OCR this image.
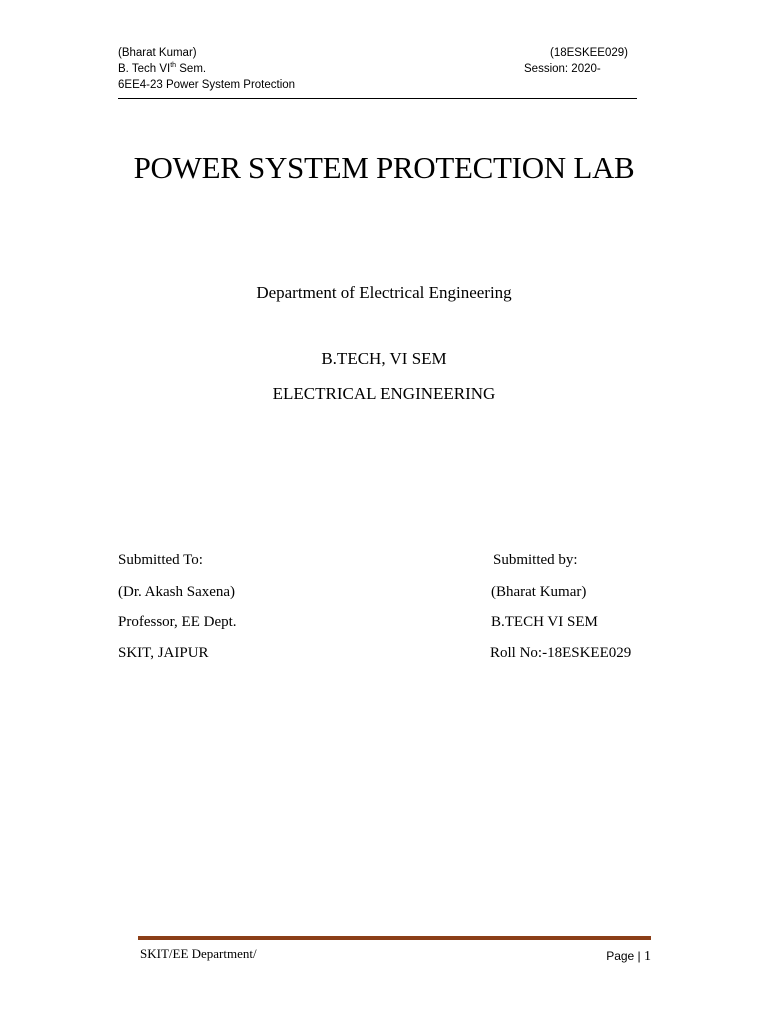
(Bharat Kumar)	(18ESKEE029)
B. Tech VIth Sem.	Session: 2020-
6EE4-23 Power System Protection
POWER SYSTEM PROTECTION LAB
Department of Electrical Engineering
B.TECH, VI SEM
ELECTRICAL ENGINEERING
Submitted To:
(Dr. Akash Saxena)
Professor, EE Dept.
SKIT, JAIPUR
Submitted by:
(Bharat Kumar)
B.TECH VI SEM
Roll No:-18ESKEE029
SKIT/EE Department/	Page | 1
